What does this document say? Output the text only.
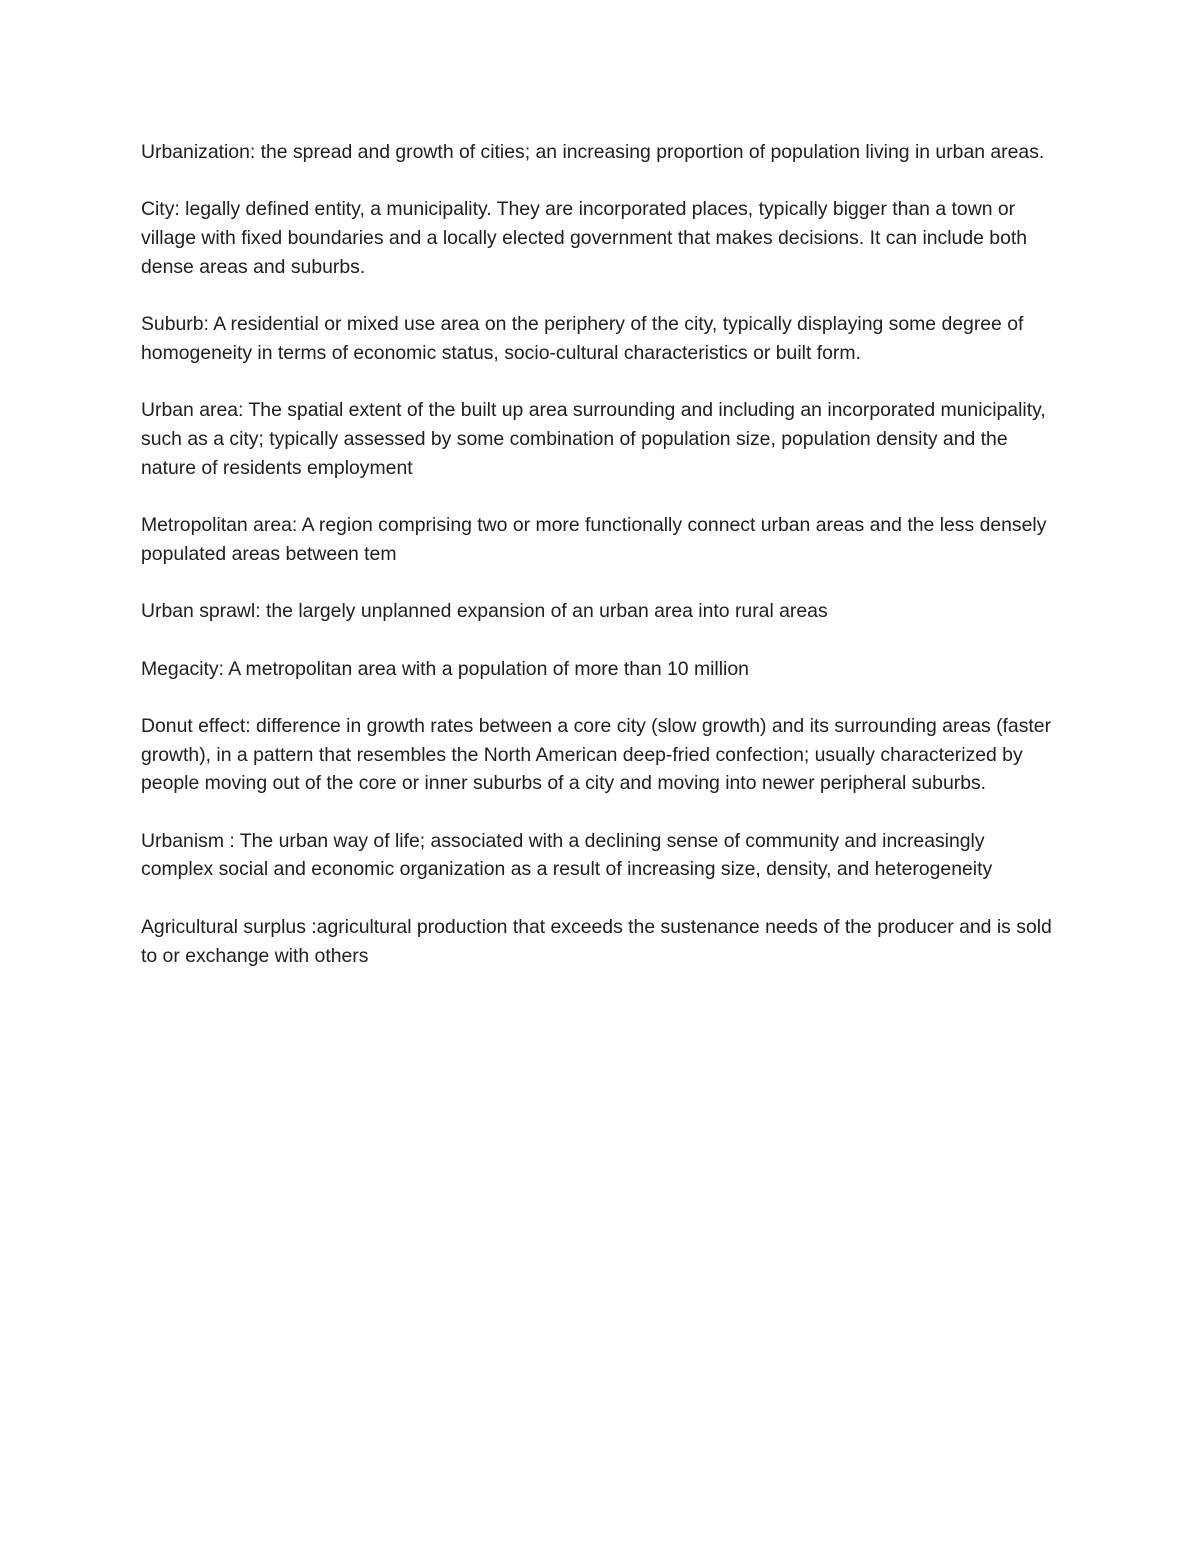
Urbanization: the spread and growth of cities; an increasing proportion of population living in urban areas.

City: legally defined entity, a municipality. They are incorporated places, typically bigger than a town or village with fixed boundaries and a locally elected government that makes decisions. It can include both dense areas and suburbs.

Suburb: A residential or mixed use area on the periphery of the city, typically displaying some degree of homogeneity in terms of economic status, socio-cultural characteristics or built form.

Urban area: The spatial extent of the built up area surrounding and including an incorporated municipality, such as a city; typically assessed by some combination of population size, population density and the nature of residents employment

Metropolitan area: A region comprising two or more functionally connect urban areas and the less densely populated areas between tem

Urban sprawl: the largely unplanned expansion of an urban area into rural areas

Megacity: A metropolitan area with a population of more than 10 million

Donut effect: difference in growth rates between a core city (slow growth) and its surrounding areas (faster growth), in a pattern that resembles the North American deep-fried confection; usually characterized by people moving out of the core or inner suburbs of a city and moving into newer peripheral suburbs.

Urbanism : The urban way of life; associated with a declining sense of community and increasingly complex social and economic organization as a result of increasing size, density, and heterogeneity

Agricultural surplus :agricultural production that exceeds the sustenance needs of the producer and is sold to or exchange with others
